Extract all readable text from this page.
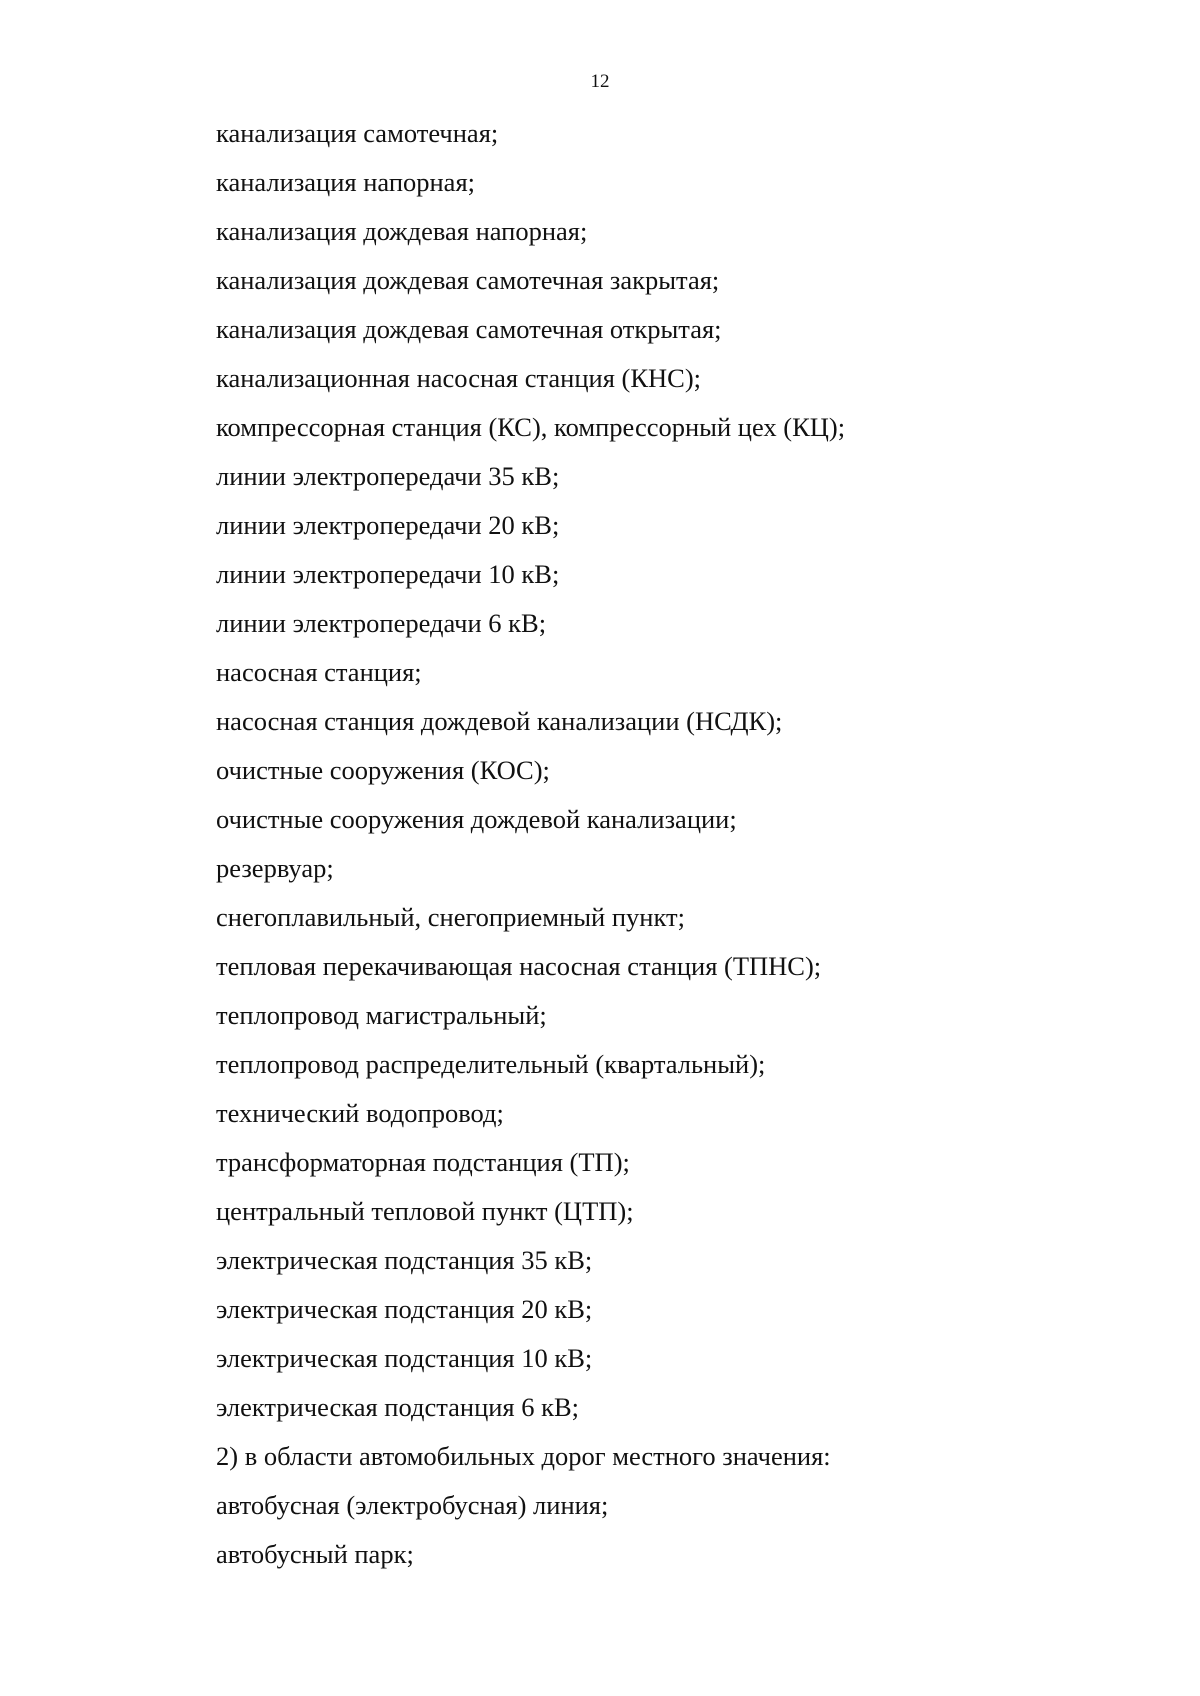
12
канализация самотечная;
канализация напорная;
канализация дождевая напорная;
канализация дождевая самотечная закрытая;
канализация дождевая самотечная открытая;
канализационная насосная станция (КНС);
компрессорная станция (КС), компрессорный цех (КЦ);
линии электропередачи 35 кВ;
линии электропередачи 20 кВ;
линии электропередачи 10 кВ;
линии электропередачи 6 кВ;
насосная станция;
насосная станция дождевой канализации (НСДК);
очистные сооружения (КОС);
очистные сооружения дождевой канализации;
резервуар;
снегоплавильный, снегоприемный пункт;
тепловая перекачивающая насосная станция (ТПНС);
теплопровод магистральный;
теплопровод распределительный (квартальный);
технический водопровод;
трансформаторная подстанция (ТП);
центральный тепловой пункт (ЦТП);
электрическая подстанция 35 кВ;
электрическая подстанция 20 кВ;
электрическая подстанция 10 кВ;
электрическая подстанция 6 кВ;
2) в области автомобильных дорог местного значения:
автобусная (электробусная) линия;
автобусный парк;
